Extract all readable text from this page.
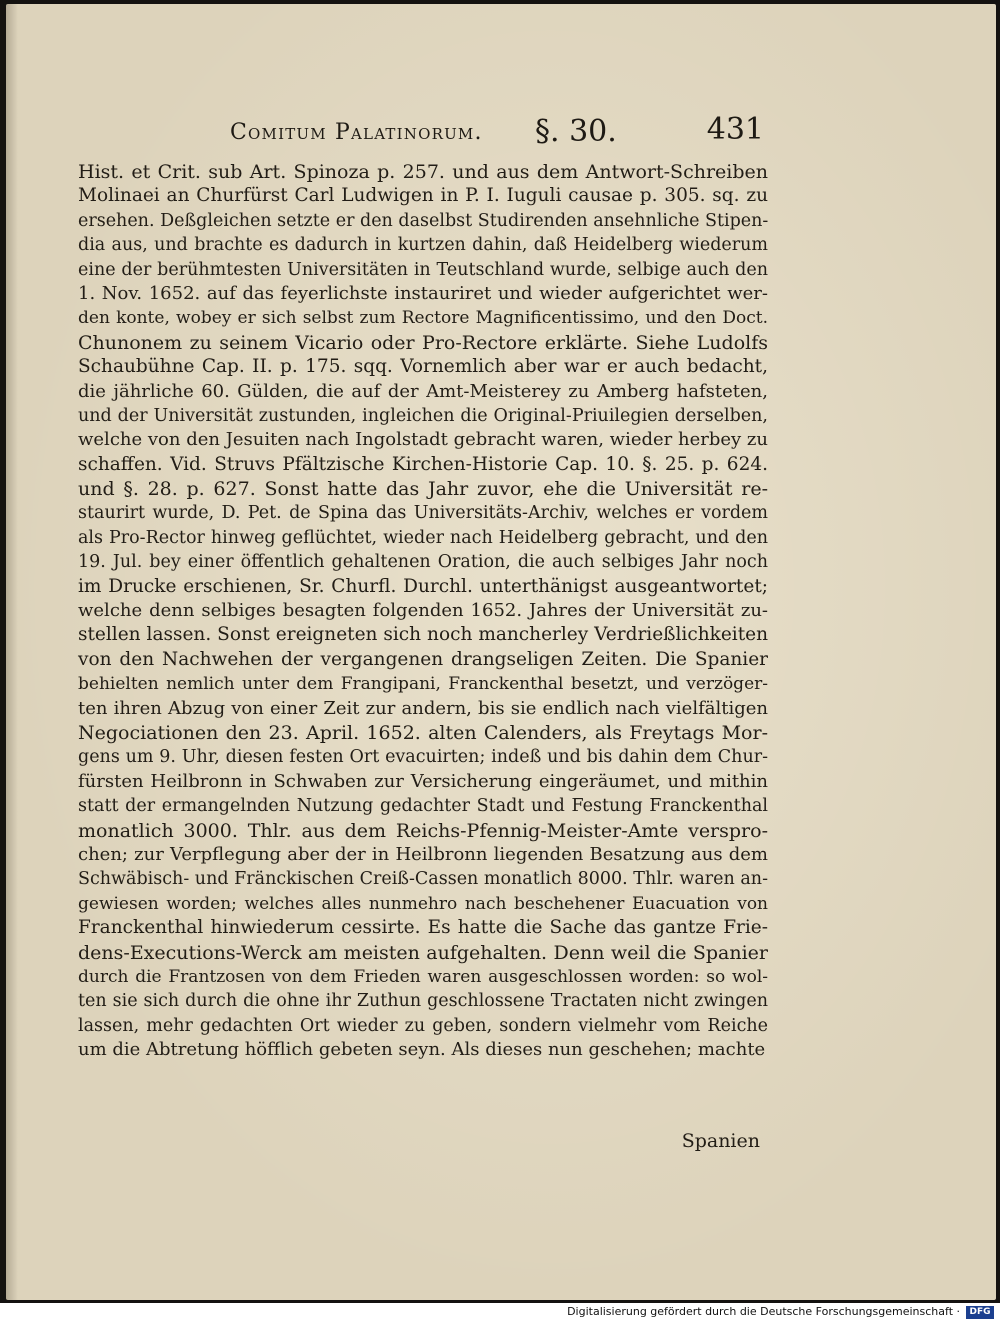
Comitum Palatinorum. §. 30.	431
Hist. et Crit. sub Art. Spinoza p. 257. und aus dem Antwort-Schreiben
Molinaei an Churfürst Carl Ludwigen in P. I. Iuguli causae p. 305. sq. zu
ersehen. Deßgleichen setzte er den daselbst Studirenden ansehnliche Stipen-
dia aus, und brachte es dadurch in kurtzen dahin, daß Heidelberg wiederum
eine der berühmtesten Universitäten in Teutschland wurde, selbige auch den
1. Nov. 1652. auf das feyerlichste instauriret und wieder aufgerichtet wer-
den konte, wobey er sich selbst zum Rectore Magnificentissimo, und den Doct.
Chunonem zu seinem Vicario oder Pro-Rectore erklärte. Siehe Ludolfs
Schaubühne Cap. II. p. 175. sqq. Vornemlich aber war er auch bedacht,
die jährliche 60. Gülden, die auf der Amt-Meisterey zu Amberg hafsteten,
und der Universität zustunden, ingleichen die Original-Priuilegien derselben,
welche von den Jesuiten nach Ingolstadt gebracht waren, wieder herbey zu
schaffen. Vid. Struvs Pfältzische Kirchen-Historie Cap. 10. §. 25. p. 624.
und §. 28. p. 627. Sonst hatte das Jahr zuvor, ehe die Universität re-
staurirt wurde, D. Pet. de Spina das Universitäts-Archiv, welches er vordem
als Pro-Rector hinweg geflüchtet, wieder nach Heidelberg gebracht, und den
19. Jul. bey einer öffentlich gehaltenen Oration, die auch selbiges Jahr noch
im Drucke erschienen, Sr. Churfl. Durchl. unterthänigst ausgeantwortet;
welche denn selbiges besagten folgenden 1652. Jahres der Universität zu-
stellen lassen. Sonst ereigneten sich noch mancherley Verdrießlichkeiten
von den Nachwehen der vergangenen drangseligen Zeiten. Die Spanier
behielten nemlich unter dem Frangipani, Franckenthal besetzt, und verzöger-
ten ihren Abzug von einer Zeit zur andern, bis sie endlich nach vielfältigen
Negociationen den 23. April. 1652. alten Calenders, als Freytags Mor-
gens um 9. Uhr, diesen festen Ort evacuirten; indeß und bis dahin dem Chur-
fürsten Heilbronn in Schwaben zur Versicherung eingeräumet, und mithin
statt der ermangelnden Nutzung gedachter Stadt und Festung Franckenthal
monatlich 3000. Thlr. aus dem Reichs-Pfennig-Meister-Amte verspro-
chen; zur Verpflegung aber der in Heilbronn liegenden Besatzung aus dem
Schwäbisch- und Fränckischen Creiß-Cassen monatlich 8000. Thlr. waren an-
gewiesen worden; welches alles nunmehro nach beschehener Euacuation von
Franckenthal hinwiederum cessirte. Es hatte die Sache das gantze Frie-
dens-Executions-Werck am meisten aufgehalten. Denn weil die Spanier
durch die Frantzosen von dem Frieden waren ausgeschlossen worden: so wol-
ten sie sich durch die ohne ihr Zuthun geschlossene Tractaten nicht zwingen
lassen, mehr gedachten Ort wieder zu geben, sondern vielmehr vom Reiche
um die Abtretung höfflich gebeten seyn. Als dieses nun geschehen; machte
Spanien
Digitalisierung gefördert durch die Deutsche Forschungsgemeinschaft ·	DFG
